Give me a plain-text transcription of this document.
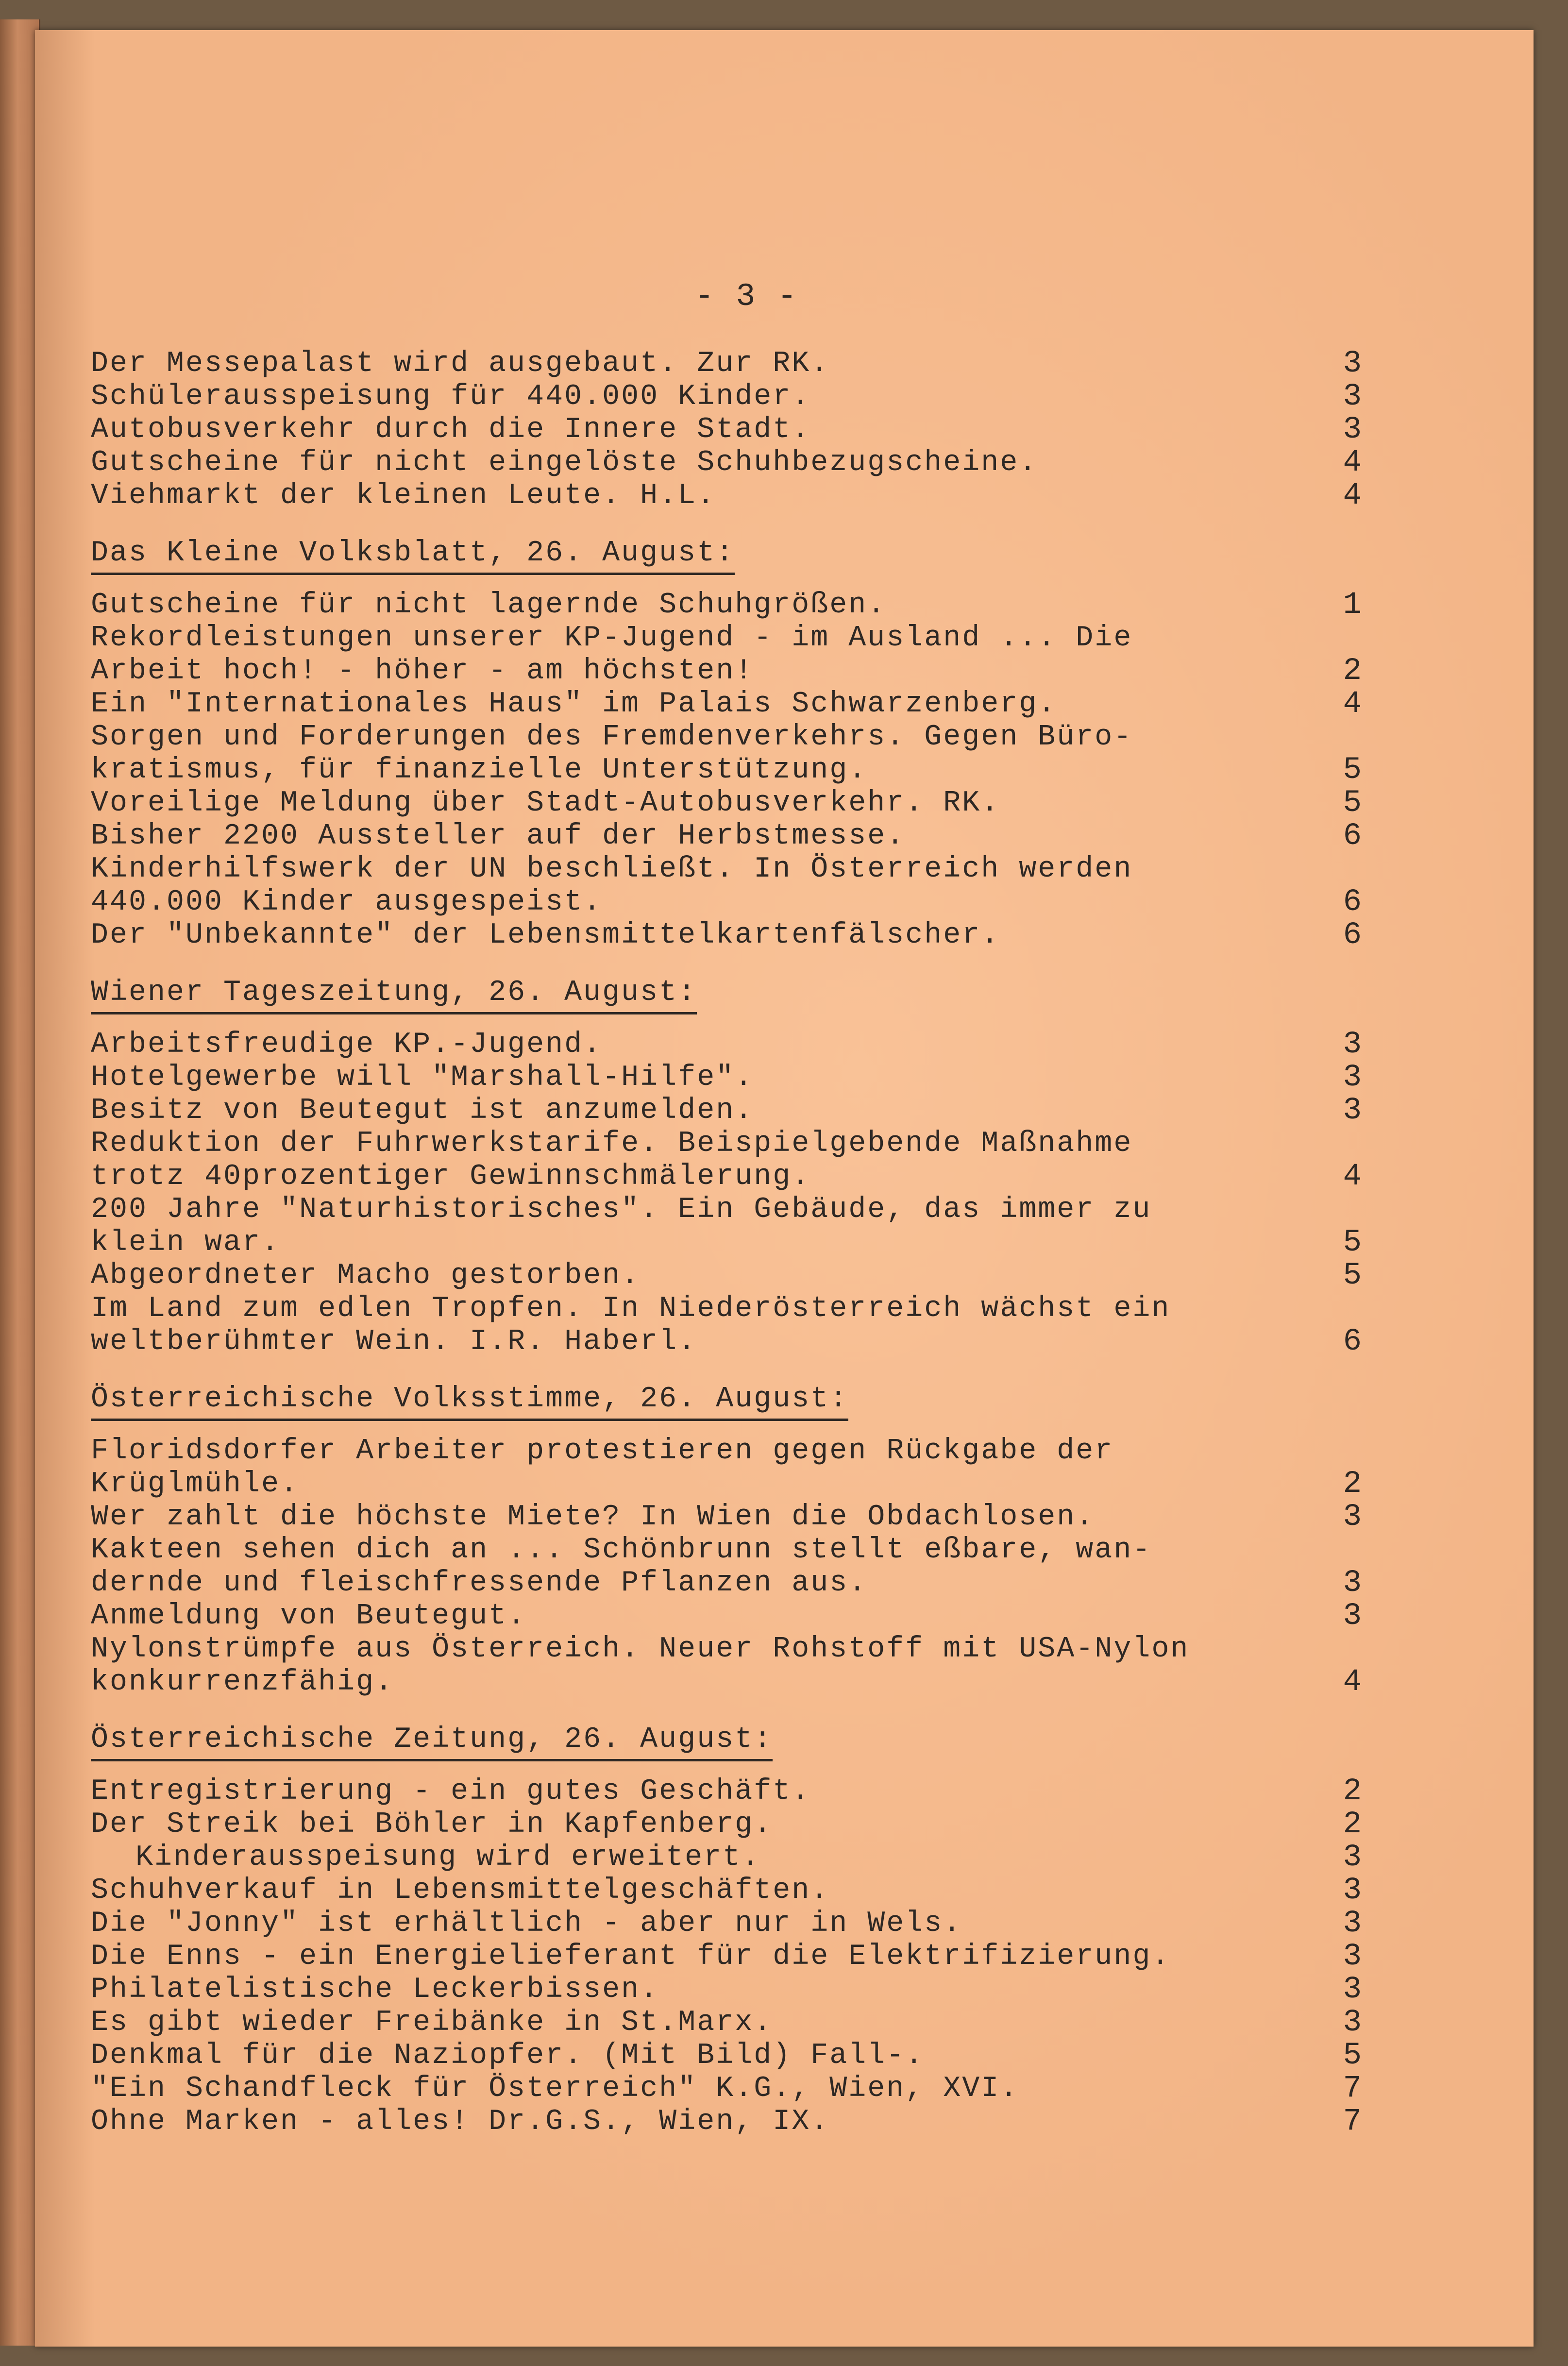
- 3 -
Der Messepalast wird ausgebaut. Zur RK.	3
Schülerausspeisung für 440.000 Kinder.	3
Autobusverkehr durch die Innere Stadt.	3
Gutscheine für nicht eingelöste Schuhbezugscheine.	4
Viehmarkt der kleinen Leute. H.L.	4
Das Kleine Volksblatt, 26. August:
Gutscheine für nicht lagernde Schuhgrößen.	1
Rekordleistungen unserer KP-Jugend - im Ausland ... Die
Arbeit hoch! - höher - am höchsten!	2
Ein "Internationales Haus" im Palais Schwarzenberg.	4
Sorgen und Forderungen des Fremdenverkehrs. Gegen Büro-
kratismus, für finanzielle Unterstützung.	5
Voreilige Meldung über Stadt-Autobusverkehr. RK.	5
Bisher 2200 Aussteller auf der Herbstmesse.	6
Kinderhilfswerk der UN beschließt. In Österreich werden
440.000 Kinder ausgespeist.	6
Der "Unbekannte" der Lebensmittelkartenfälscher.	6
Wiener Tageszeitung, 26. August:
Arbeitsfreudige KP.-Jugend.	3
Hotelgewerbe will "Marshall-Hilfe".	3
Besitz von Beutegut ist anzumelden.	3
Reduktion der Fuhrwerkstarife. Beispielgebende Maßnahme
trotz 40prozentiger Gewinnschmälerung.	4
200 Jahre "Naturhistorisches". Ein Gebäude, das immer zu
klein war.	5
Abgeordneter Macho gestorben.	5
Im Land zum edlen Tropfen. In Niederösterreich wächst ein
weltberühmter Wein. I.R. Haberl.	6
Österreichische Volksstimme, 26. August:
Floridsdorfer Arbeiter protestieren gegen Rückgabe der
Krüglmühle.	2
Wer zahlt die höchste Miete? In Wien die Obdachlosen.	3
Kakteen sehen dich an ... Schönbrunn stellt eßbare, wan-
dernde und fleischfressende Pflanzen aus.	3
Anmeldung von Beutegut.	3
Nylonstrümpfe aus Österreich. Neuer Rohstoff mit USA-Nylon
konkurrenzfähig.	4
Österreichische Zeitung, 26. August:
Entregistrierung - ein gutes Geschäft.	2
Der Streik bei Böhler in Kapfenberg.	2
Kinderausspeisung wird erweitert.	3
Schuhverkauf in Lebensmittelgeschäften.	3
Die "Jonny" ist erhältlich - aber nur in Wels.	3
Die Enns - ein Energielieferant für die Elektrifizierung.	3
Philatelistische Leckerbissen.	3
Es gibt wieder Freibänke in St.Marx.	3
Denkmal für die Naziopfer. (Mit Bild) Fall-.	5
"Ein Schandfleck für Österreich" K.G., Wien, XVI.	7
Ohne Marken - alles! Dr.G.S., Wien, IX.	7
